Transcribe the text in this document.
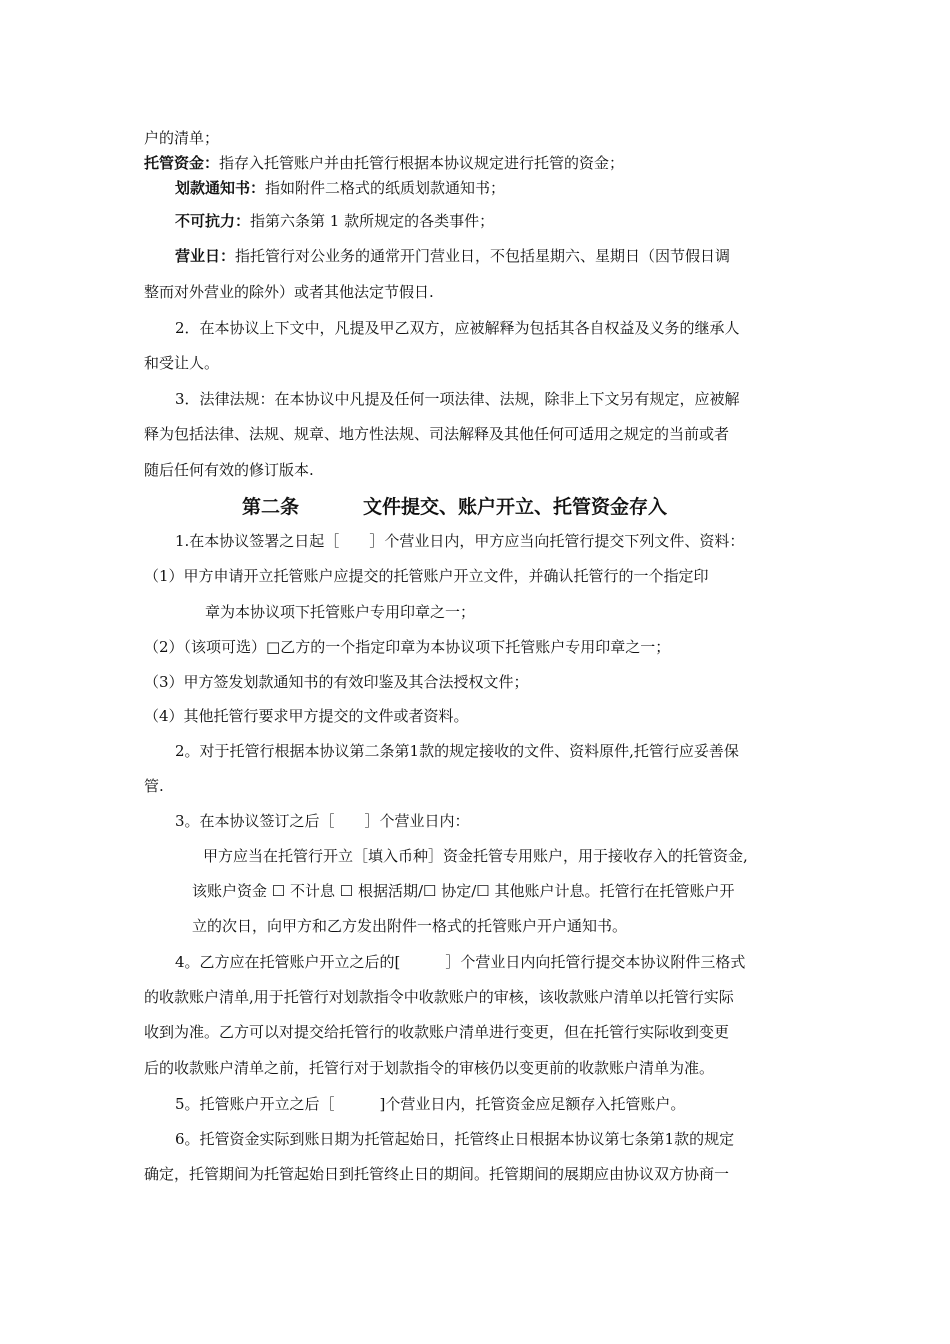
户的清单；
托管资金：指存入托管账户并由托管行根据本协议规定进行托管的资金；
划款通知书：指如附件二格式的纸质划款通知书；
不可抗力：指第六条第 1 款所规定的各类事件；
营业日：指托管行对公业务的通常开门营业日，不包括星期六、星期日（因节假日调
整而对外营业的除外）或者其他法定节假日.
2．在本协议上下文中，凡提及甲乙双方，应被解释为包括其各自权益及义务的继承人
和受让人。
3．法律法规：在本协议中凡提及任何一项法律、法规，除非上下文另有规定，应被解
释为包括法律、法规、规章、地方性法规、司法解释及其他任何可适用之规定的当前或者
随后任何有效的修订版本.
第二条	文件提交、账户开立、托管资金存入
1.在本协议签署之日起［　　］个营业日内，甲方应当向托管行提交下列文件、资料：
（1）甲方申请开立托管账户应提交的托管账户开立文件，并确认托管行的一个指定印
章为本协议项下托管账户专用印章之一；
（2）（该项可选）□乙方的一个指定印章为本协议项下托管账户专用印章之一；
（3）甲方签发划款通知书的有效印鉴及其合法授权文件；
（4）其他托管行要求甲方提交的文件或者资料。
2。对于托管行根据本协议第二条第1款的规定接收的文件、资料原件,托管行应妥善保
管.
3。在本协议签订之后［　　］个营业日内：
甲方应当在托管行开立［填入币种］资金托管专用账户，用于接收存入的托管资金,
该账户资金 ☐ 不计息 ☐ 根据活期/☐ 协定/☐ 其他账户计息。托管行在托管账户开
立的次日，向甲方和乙方发出附件一格式的托管账户开户通知书。
4。乙方应在托管账户开立之后的[　　　］个营业日内向托管行提交本协议附件三格式
的收款账户清单,用于托管行对划款指令中收款账户的审核，该收款账户清单以托管行实际
收到为准。乙方可以对提交给托管行的收款账户清单进行变更，但在托管行实际收到变更
后的收款账户清单之前，托管行对于划款指令的审核仍以变更前的收款账户清单为准。
5。托管账户开立之后［　　　]个营业日内，托管资金应足额存入托管账户。
6。托管资金实际到账日期为托管起始日，托管终止日根据本协议第七条第1款的规定
确定，托管期间为托管起始日到托管终止日的期间。托管期间的展期应由协议双方协商一
